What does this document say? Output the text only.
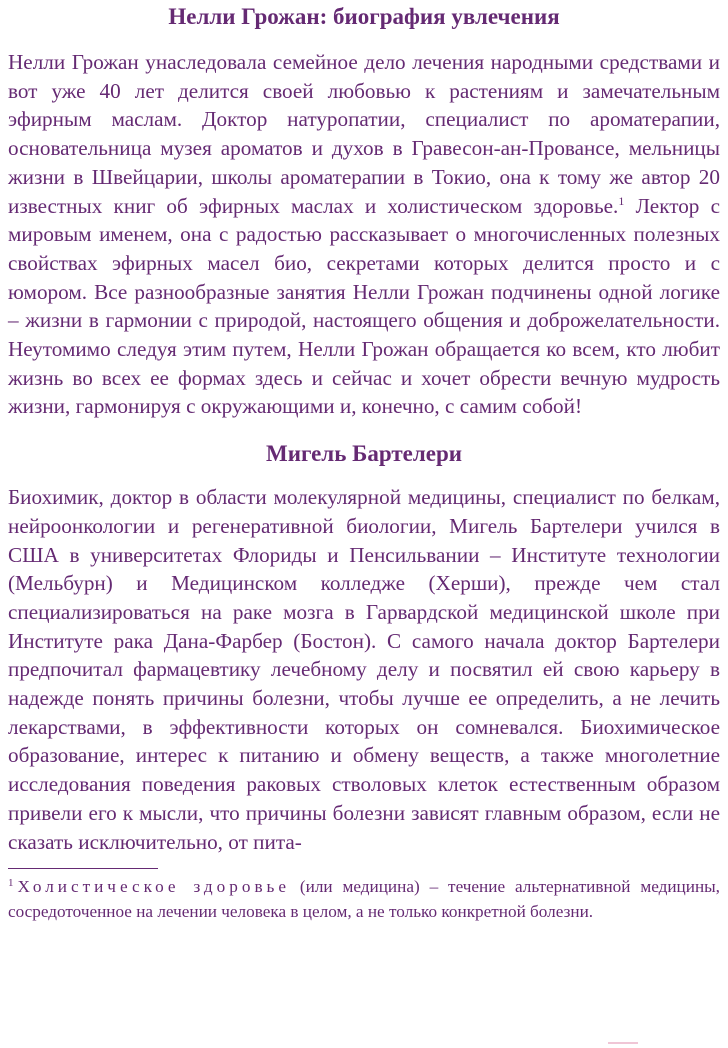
Нелли Грожан: биография увлечения

Нелли Грожан унаследовала семейное дело лечения народными средствами и вот уже 40 лет делится своей любовью к растениям и замечательным эфирным маслам. Доктор натуропатии, специалист по ароматерапии, основательница музея ароматов и духов в Гравесон-ан-Провансе, мельницы жизни в Швейцарии, школы ароматерапии в Токио, она к тому же автор 20 известных книг об эфирных маслах и холистическом здоровье.$^1$ Лектор с мировым именем, она с радостью рассказывает о многочисленных полезных свойствах эфирных масел био, секретами которых делится просто и с юмором. Все разнообразные занятия Нелли Грожан подчинены одной логике – жизни в гармонии с природой, настоящего общения и доброжелательности. Неутомимо следуя этим путем, Нелли Грожан обращается ко всем, кто любит жизнь во всех ее формах здесь и сейчас и хочет обрести вечную мудрость жизни, гармонируя с окружающими и, конечно, с самим собой!

Мигель Бартелери

Биохимик, доктор в области молекулярной медицины, специалист по белкам, нейроонкологии и регенеративной биологии, Мигель Бартелери учился в США в университетах Флориды и Пенсильвании – Институте технологии (Мельбурн) и Медицинском колледже (Херши), прежде чем стал специализироваться на раке мозга в Гарвардской медицинской школе при Институте рака Дана-Фарбер (Бостон). С самого начала доктор Бартелери предпочитал фармацевтику лечебному делу и посвятил ей свою карьеру в надежде понять причины болезни, чтобы лучше ее определить, а не лечить лекарствами, в эффективности которых он сомневался. Биохимическое образование, интерес к питанию и обмену веществ, а также многолетние исследования поведения раковых стволовых клеток естественным образом привели его к мысли, что причины болезни зависят главным образом, если не сказать исключительно, от пита-

$^1$ Холистическое здоровье (или медицина) – течение альтернативной медицины, сосредоточенное на лечении человека в целом, а не только конкретной болезни.
